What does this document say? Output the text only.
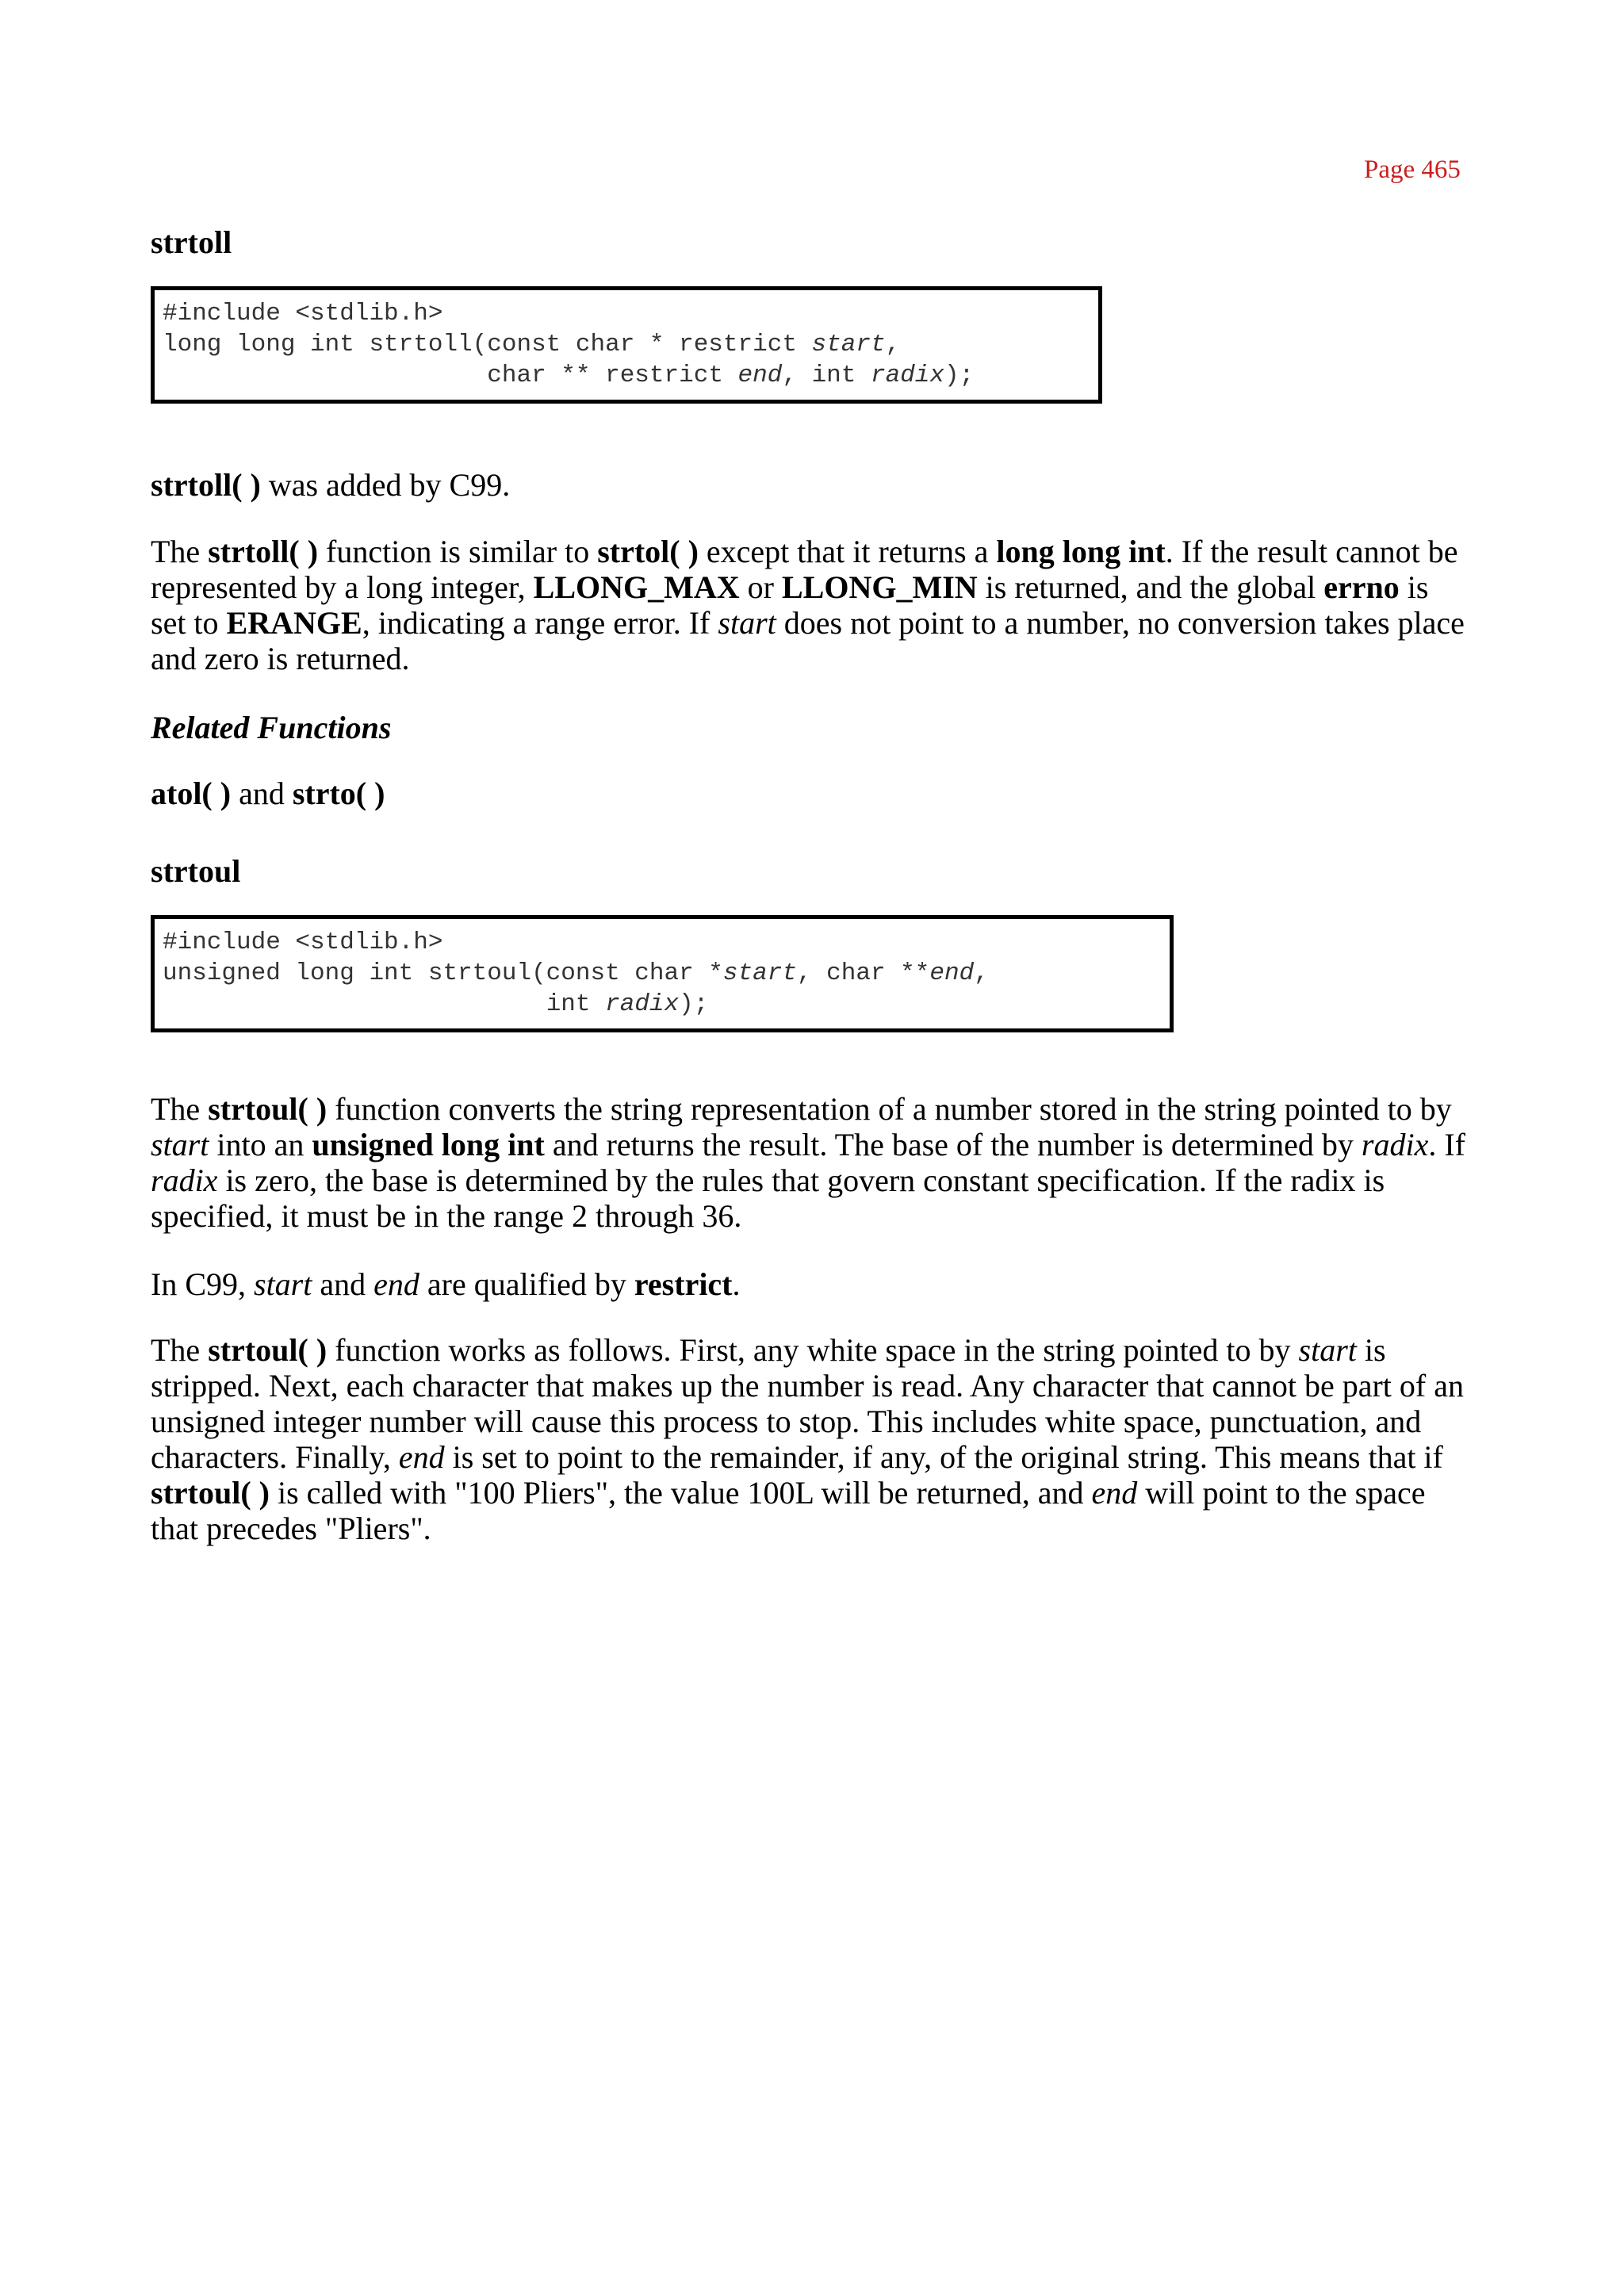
Page 465
strtoll
#include <stdlib.h>
long long int strtoll(const char * restrict start,
char ** restrict end, int radix);
strtoll( ) was added by C99.
The strtoll( ) function is similar to strtol( ) except that it returns a long long int. If the result cannot be represented by a long integer, LLONG_MAX or LLONG_MIN is returned, and the global errno is set to ERANGE, indicating a range error. If start does not point to a number, no conversion takes place and zero is returned.
Related Functions
atol( ) and strto( )
strtoul
#include <stdlib.h>
unsigned long int strtoul(const char *start, char **end,
int radix);
The strtoul( ) function converts the string representation of a number stored in the string pointed to by start into an unsigned long int and returns the result. The base of the number is determined by radix. If radix is zero, the base is determined by the rules that govern constant specification. If the radix is specified, it must be in the range 2 through 36.
In C99, start and end are qualified by restrict.
The strtoul( ) function works as follows. First, any white space in the string pointed to by start is stripped. Next, each character that makes up the number is read. Any character that cannot be part of an unsigned integer number will cause this process to stop. This includes white space, punctuation, and characters. Finally, end is set to point to the remainder, if any, of the original string. This means that if strtoul( ) is called with "100 Pliers", the value 100L will be returned, and end will point to the space that precedes "Pliers".
